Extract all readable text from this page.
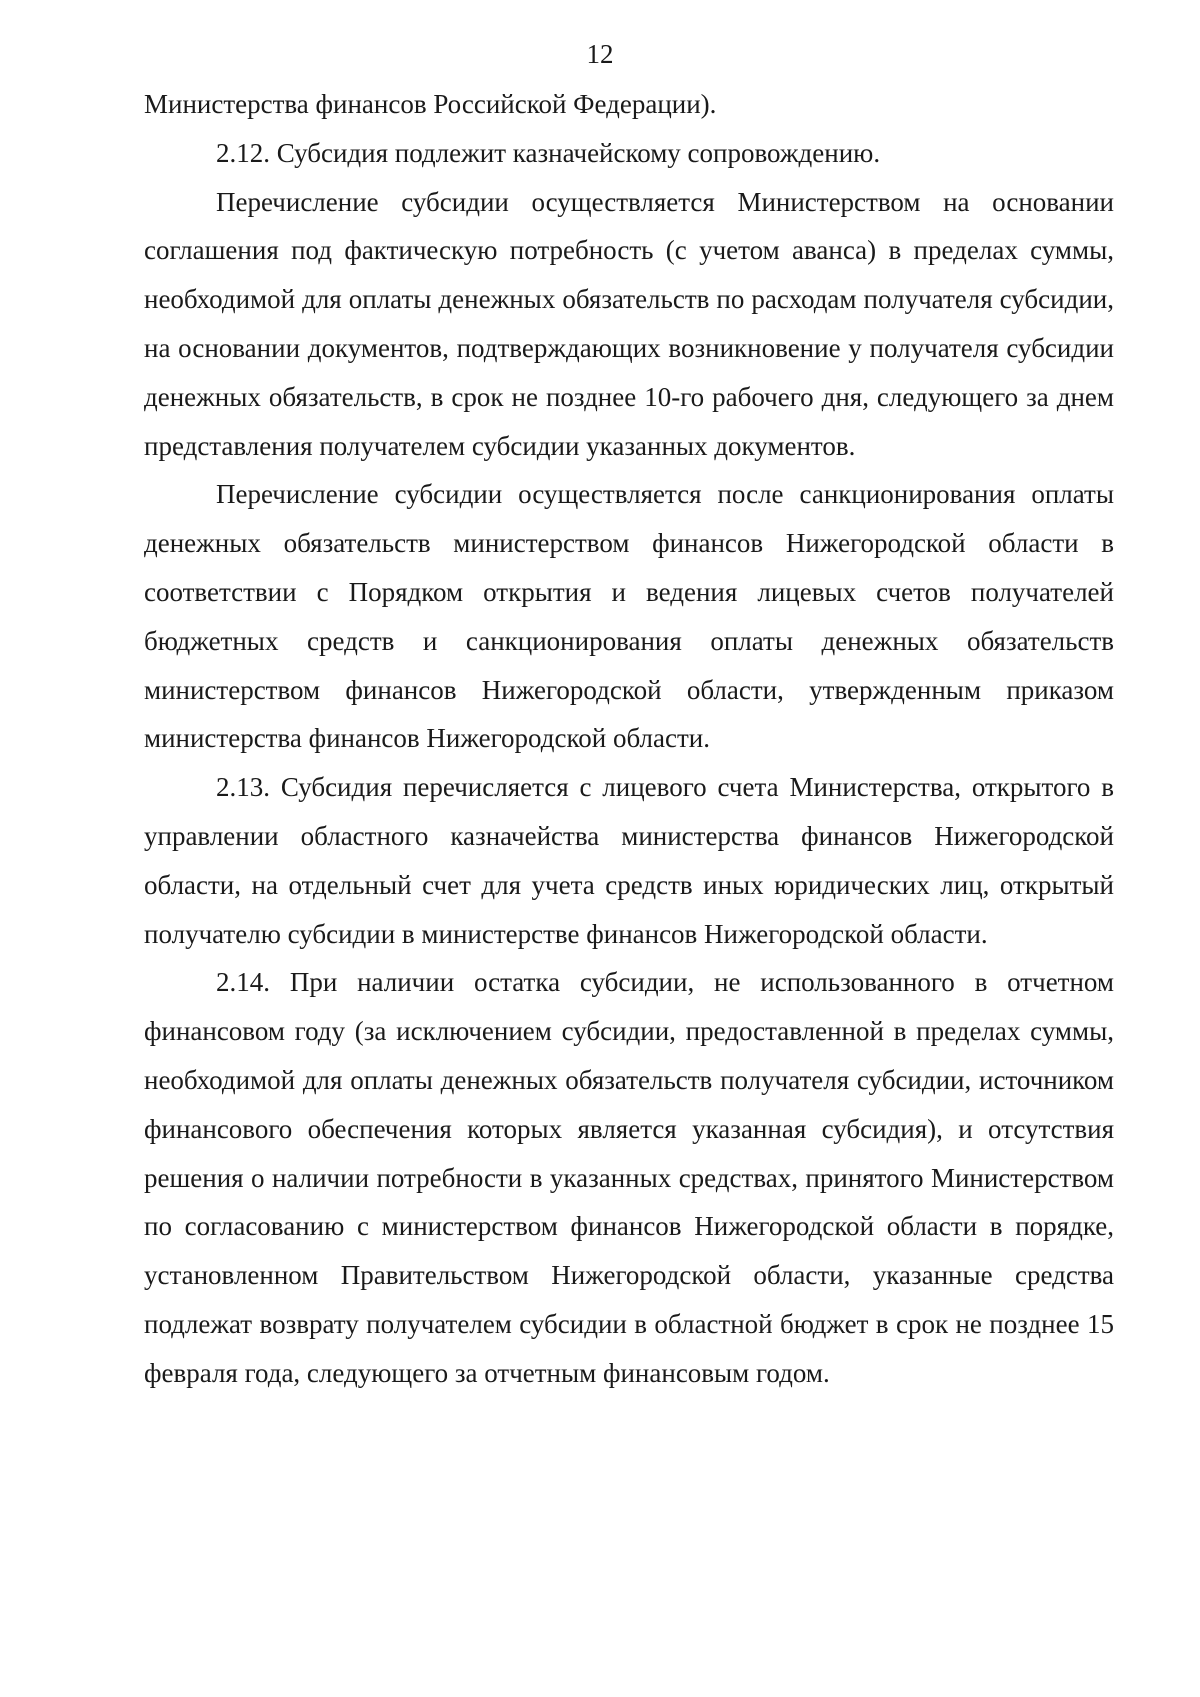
12

Министерства финансов Российской Федерации).

2.12. Субсидия подлежит казначейскому сопровождению.

Перечисление субсидии осуществляется Министерством на основании соглашения под фактическую потребность (с учетом аванса) в пределах суммы, необходимой для оплаты денежных обязательств по расходам получателя субсидии, на основании документов, подтверждающих возникновение у получателя субсидии денежных обязательств, в срок не позднее 10-го рабочего дня, следующего за днем представления получателем субсидии указанных документов.

Перечисление субсидии осуществляется после санкционирования оплаты денежных обязательств министерством финансов Нижегородской области в соответствии с Порядком открытия и ведения лицевых счетов получателей бюджетных средств и санкционирования оплаты денежных обязательств министерством финансов Нижегородской области, утвержденным приказом министерства финансов Нижегородской области.

2.13. Субсидия перечисляется с лицевого счета Министерства, открытого в управлении областного казначейства министерства финансов Нижегородской области, на отдельный счет для учета средств иных юридических лиц, открытый получателю субсидии в министерстве финансов Нижегородской области.

2.14. При наличии остатка субсидии, не использованного в отчетном финансовом году (за исключением субсидии, предоставленной в пределах суммы, необходимой для оплаты денежных обязательств получателя субсидии, источником финансового обеспечения которых является указанная субсидия), и отсутствия решения о наличии потребности в указанных средствах, принятого Министерством по согласованию с министерством финансов Нижегородской области в порядке, установленном Правительством Нижегородской области, указанные средства подлежат возврату получателем субсидии в областной бюджет в срок не позднее 15 февраля года, следующего за отчетным финансовым годом.
